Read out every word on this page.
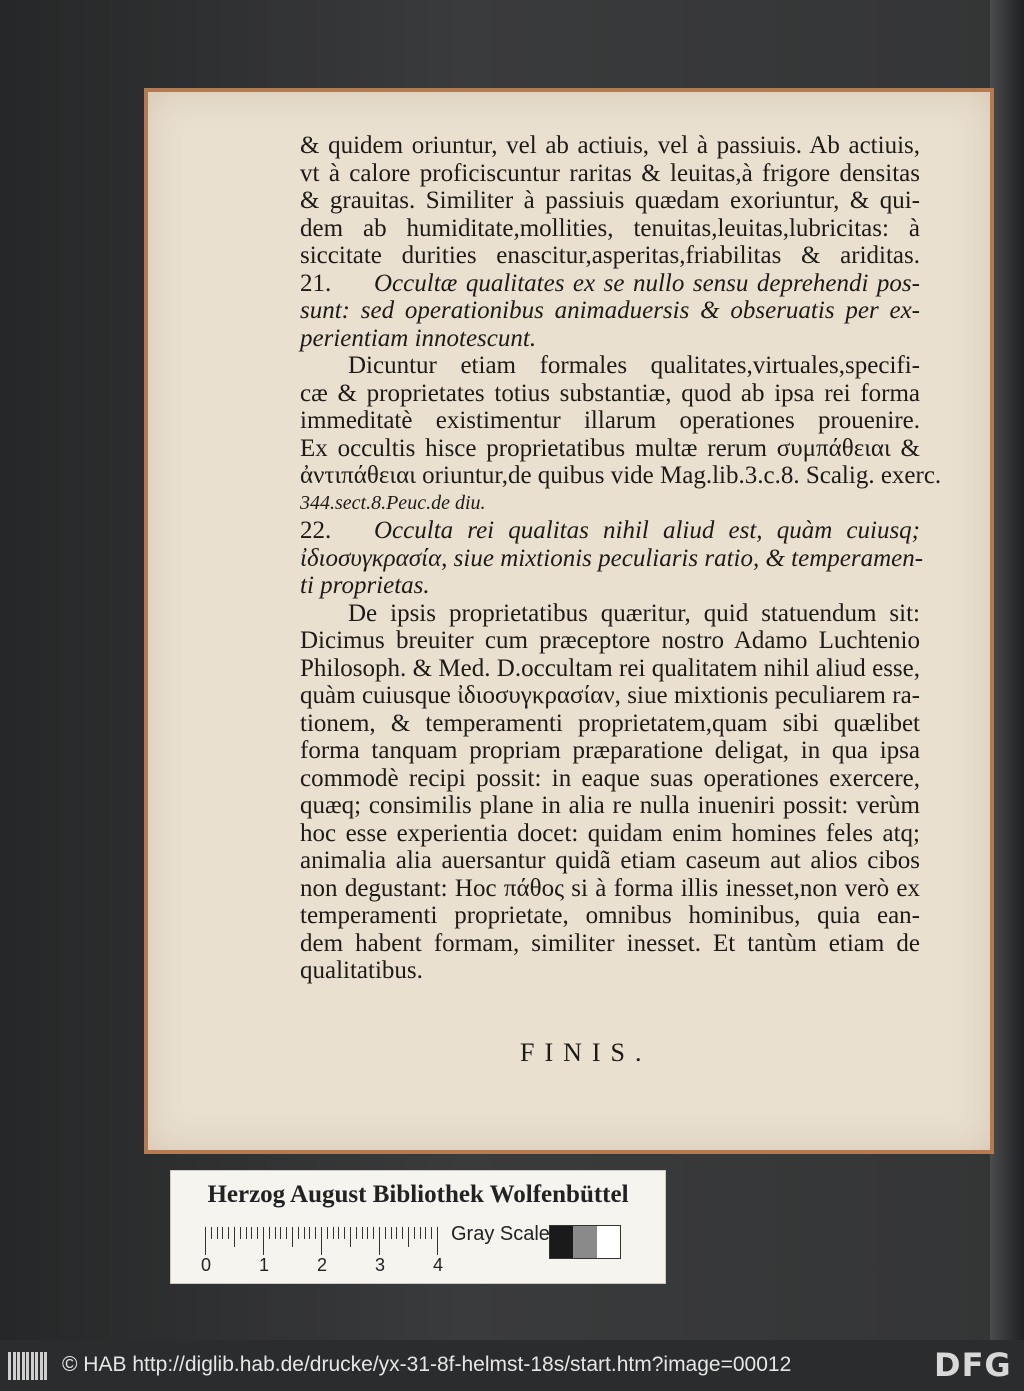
& quidem oriuntur, vel ab actiuis, vel à passiuis. Ab actiuis,
vt à calore proficiscuntur raritas & leuitas,à frigore densitas
& grauitas. Similiter à passiuis quædam exoriuntur, & qui-
dem ab humiditate,mollities, tenuitas,leuitas,lubricitas: à
siccitate durities enascitur,asperitas,friabilitas & ariditas.
21. Occultæ qualitates ex se nullo sensu deprehendi pos-
sunt: sed operationibus animaduersis & obseruatis per ex-
perientiam innotescunt.
Dicuntur etiam formales qualitates,virtuales,specifi-
cæ & proprietates totius substantiæ, quod ab ipsa rei forma
immeditatè existimentur illarum operationes prouenire.
Ex occultis hisce proprietatibus multæ rerum συμπάθειαι &
ἀντιπάθειαι oriuntur,de quibus vide Mag.lib.3.c.8. Scalig. exerc.
344.sect.8.Peuc.de diu.
22. Occulta rei qualitas nihil aliud est, quàm cuiusq;
ἰδιοσυγκρασία, siue mixtionis peculiaris ratio, & temperamen-
ti proprietas.
De ipsis proprietatibus quæritur, quid statuendum sit:
Dicimus breuiter cum præceptore nostro Adamo Luchtenio
Philosoph. & Med. D.occultam rei qualitatem nihil aliud esse,
quàm cuiusque ἰδιοσυγκρασίαν, siue mixtionis peculiarem ra-
tionem, & temperamenti proprietatem,quam sibi quælibet
forma tanquam propriam præparatione deligat, in qua ipsa
commodè recipi possit: in eaque suas operationes exercere,
quæq; consimilis plane in alia re nulla inueniri possit: verùm
hoc esse experientia docet: quidam enim homines feles atq;
animalia alia auersantur quidã etiam caseum aut alios cibos
non degustant: Hoc πάθος si à forma illis inesset,non verò ex
temperamenti proprietate, omnibus hominibus, quia ean-
dem habent formam, similiter inesset. Et tantùm etiam de
qualitatibus.
FINIS.
Herzog August Bibliothek Wolfenbüttel
0	1	2	3	4
Gray Scale
© HAB http://diglib.hab.de/drucke/yx-31-8f-helmst-18s/start.htm?image=00012	DFG
